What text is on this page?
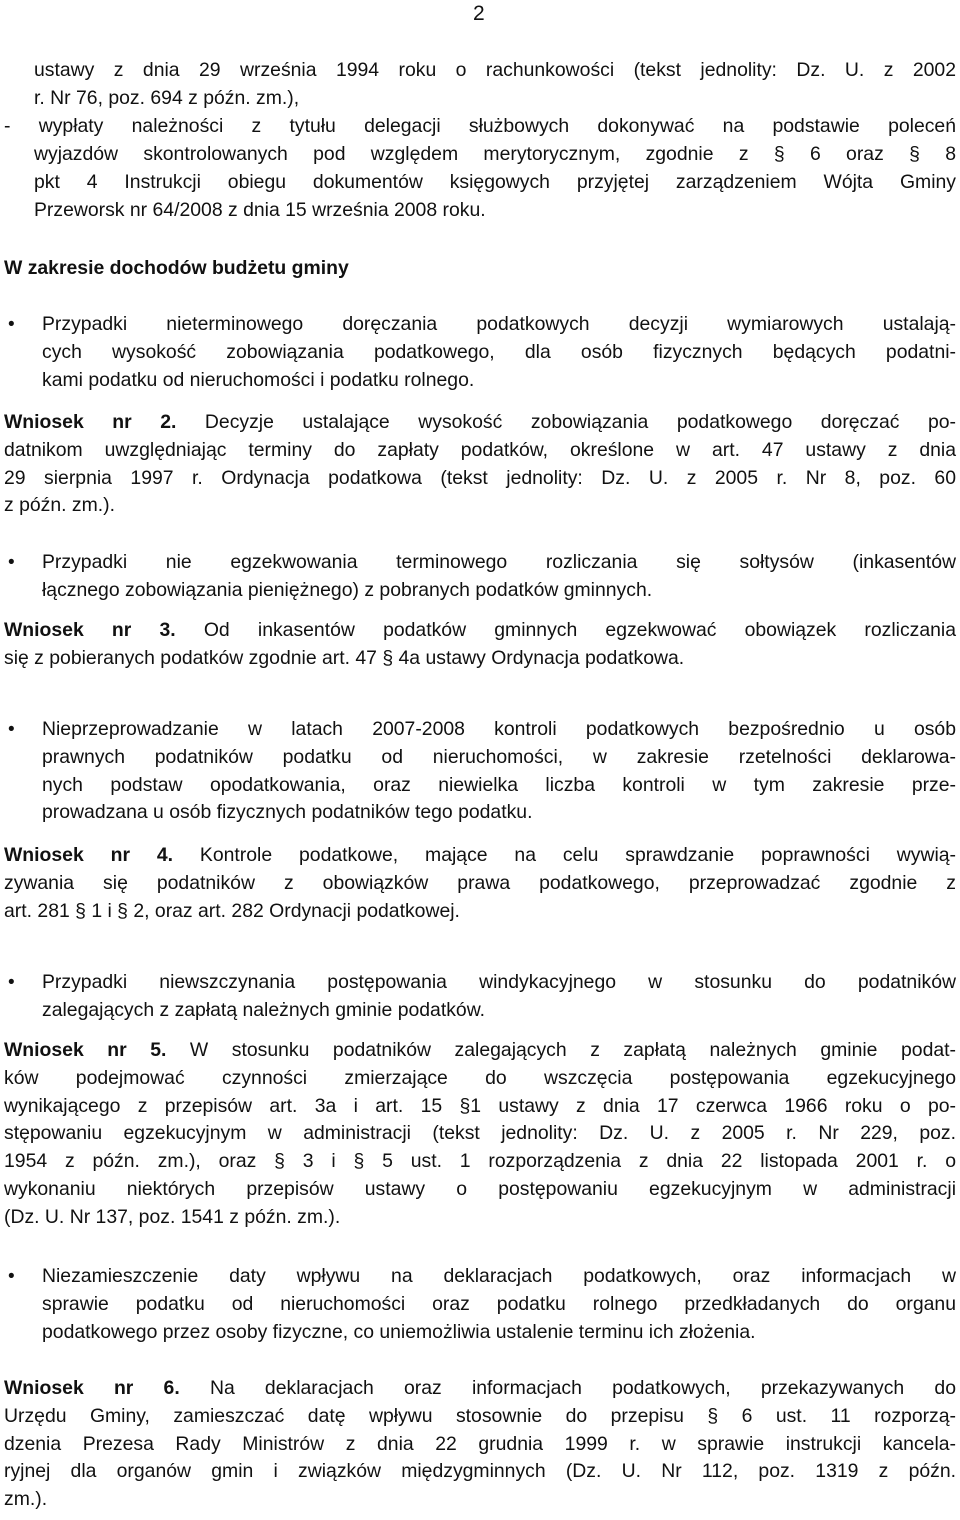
2
ustawy z dnia 29 września 1994 roku o rachunkowości (tekst jednolity: Dz. U. z 2002
r. Nr 76, poz. 694 z późn. zm.),
- wypłaty należności z tytułu delegacji służbowych dokonywać na podstawie poleceń
wyjazdów skontrolowanych pod względem merytorycznym, zgodnie z § 6 oraz § 8
pkt 4 Instrukcji obiegu dokumentów księgowych przyjętej zarządzeniem Wójta Gminy
Przeworsk nr 64/2008 z dnia 15 września 2008 roku.
W zakresie dochodów budżetu gminy
• Przypadki nieterminowego doręczania podatkowych decyzji wymiarowych ustalają-
cych wysokość zobowiązania podatkowego, dla osób fizycznych będących podatni-
kami podatku od nieruchomości i podatku rolnego.
• Przypadki nie egzekwowania terminowego rozliczania się sołtysów (inkasentów
łącznego zobowiązania pieniężnego) z pobranych podatków gminnych.
• Nieprzeprowadzanie w latach 2007-2008 kontroli podatkowych bezpośrednio u osób
prawnych podatników podatku od nieruchomości, w zakresie rzetelności deklarowa-
nych podstaw opodatkowania, oraz niewielka liczba kontroli w tym zakresie prze-
prowadzana u osób fizycznych podatników tego podatku.
• Przypadki niewszczynania postępowania windykacyjnego w stosunku do podatników
zalegających z zapłatą należnych gminie podatków.
• Niezamieszczenie daty wpływu na deklaracjach podatkowych, oraz informacjach w
sprawie podatku od nieruchomości oraz podatku rolnego przedkładanych do organu
podatkowego przez osoby fizyczne, co uniemożliwia ustalenie terminu ich złożenia.
Wniosek nr 2. Decyzje ustalające wysokość zobowiązania podatkowego doręczać po-
datnikom uwzględniając terminy do zapłaty podatków, określone w art. 47 ustawy z dnia
29 sierpnia 1997 r. Ordynacja podatkowa (tekst jednolity: Dz. U. z 2005 r. Nr 8, poz. 60
z późn. zm.).
Wniosek nr 3. Od inkasentów podatków gminnych egzekwować obowiązek rozliczania
się z pobieranych podatków zgodnie art. 47 § 4a ustawy Ordynacja podatkowa.
Wniosek nr 4. Kontrole podatkowe, mające na celu sprawdzanie poprawności wywią-
zywania się podatników z obowiązków prawa podatkowego, przeprowadzać zgodnie z
art. 281 § 1 i § 2, oraz art. 282 Ordynacji podatkowej.
Wniosek nr 5. W stosunku podatników zalegających z zapłatą należnych gminie podat-
ków podejmować czynności zmierzające do wszczęcia postępowania egzekucyjnego
wynikającego z przepisów art. 3a i art. 15 §1 ustawy z dnia 17 czerwca 1966 roku o po-
stępowaniu egzekucyjnym w administracji (tekst jednolity: Dz. U. z 2005 r. Nr 229, poz.
1954 z późn. zm.), oraz § 3 i § 5 ust. 1 rozporządzenia z dnia 22 listopada 2001 r. o
wykonaniu niektórych przepisów ustawy o postępowaniu egzekucyjnym w administracji
(Dz. U. Nr 137, poz. 1541 z późn. zm.).
Wniosek nr 6. Na deklaracjach oraz informacjach podatkowych, przekazywanych do
Urzędu Gminy, zamieszczać datę wpływu stosownie do przepisu § 6 ust. 11 rozporzą-
dzenia Prezesa Rady Ministrów z dnia 22 grudnia 1999 r. w sprawie instrukcji kancela-
ryjnej dla organów gmin i związków międzygminnych (Dz. U. Nr 112, poz. 1319 z późn.
zm.).
